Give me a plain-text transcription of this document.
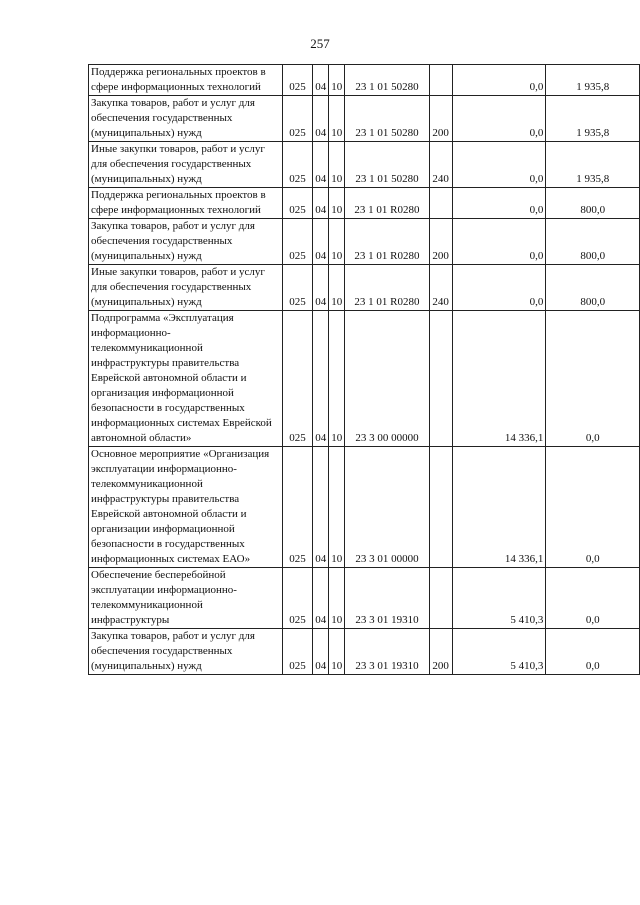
257
Поддержка региональных проектов в сфере информационных технологий	025	04	10	23 1 01 50280		0,0	1 935,8
Закупка товаров, работ и услуг для обеспечения государственных (муниципальных) нужд	025	04	10	23 1 01 50280	200	0,0	1 935,8
Иные закупки товаров, работ и услуг для обеспечения государственных (муниципальных) нужд	025	04	10	23 1 01 50280	240	0,0	1 935,8
Поддержка региональных проектов в сфере информационных технологий	025	04	10	23 1 01 R0280		0,0	800,0
Закупка товаров, работ и услуг для обеспечения государственных (муниципальных) нужд	025	04	10	23 1 01 R0280	200	0,0	800,0
Иные закупки товаров, работ и услуг для обеспечения государственных (муниципальных) нужд	025	04	10	23 1 01 R0280	240	0,0	800,0
Подпрограмма «Эксплуатация информационно-телекоммуникационной инфраструктуры правительства Еврейской автономной области и организация информационной безопасности в государственных информационных системах Еврейской автономной области»	025	04	10	23 3 00 00000		14 336,1	0,0
Основное мероприятие «Организация эксплуатации информационно-телекоммуникационной инфраструктуры правительства Еврейской автономной области и организации информационной безопасности в государственных информационных системах ЕАО»	025	04	10	23 3 01 00000		14 336,1	0,0
Обеспечение бесперебойной эксплуатации информационно-телекоммуникационной инфраструктуры	025	04	10	23 3 01 19310		5 410,3	0,0
Закупка товаров, работ и услуг для обеспечения государственных (муниципальных) нужд	025	04	10	23 3 01 19310	200	5 410,3	0,0
